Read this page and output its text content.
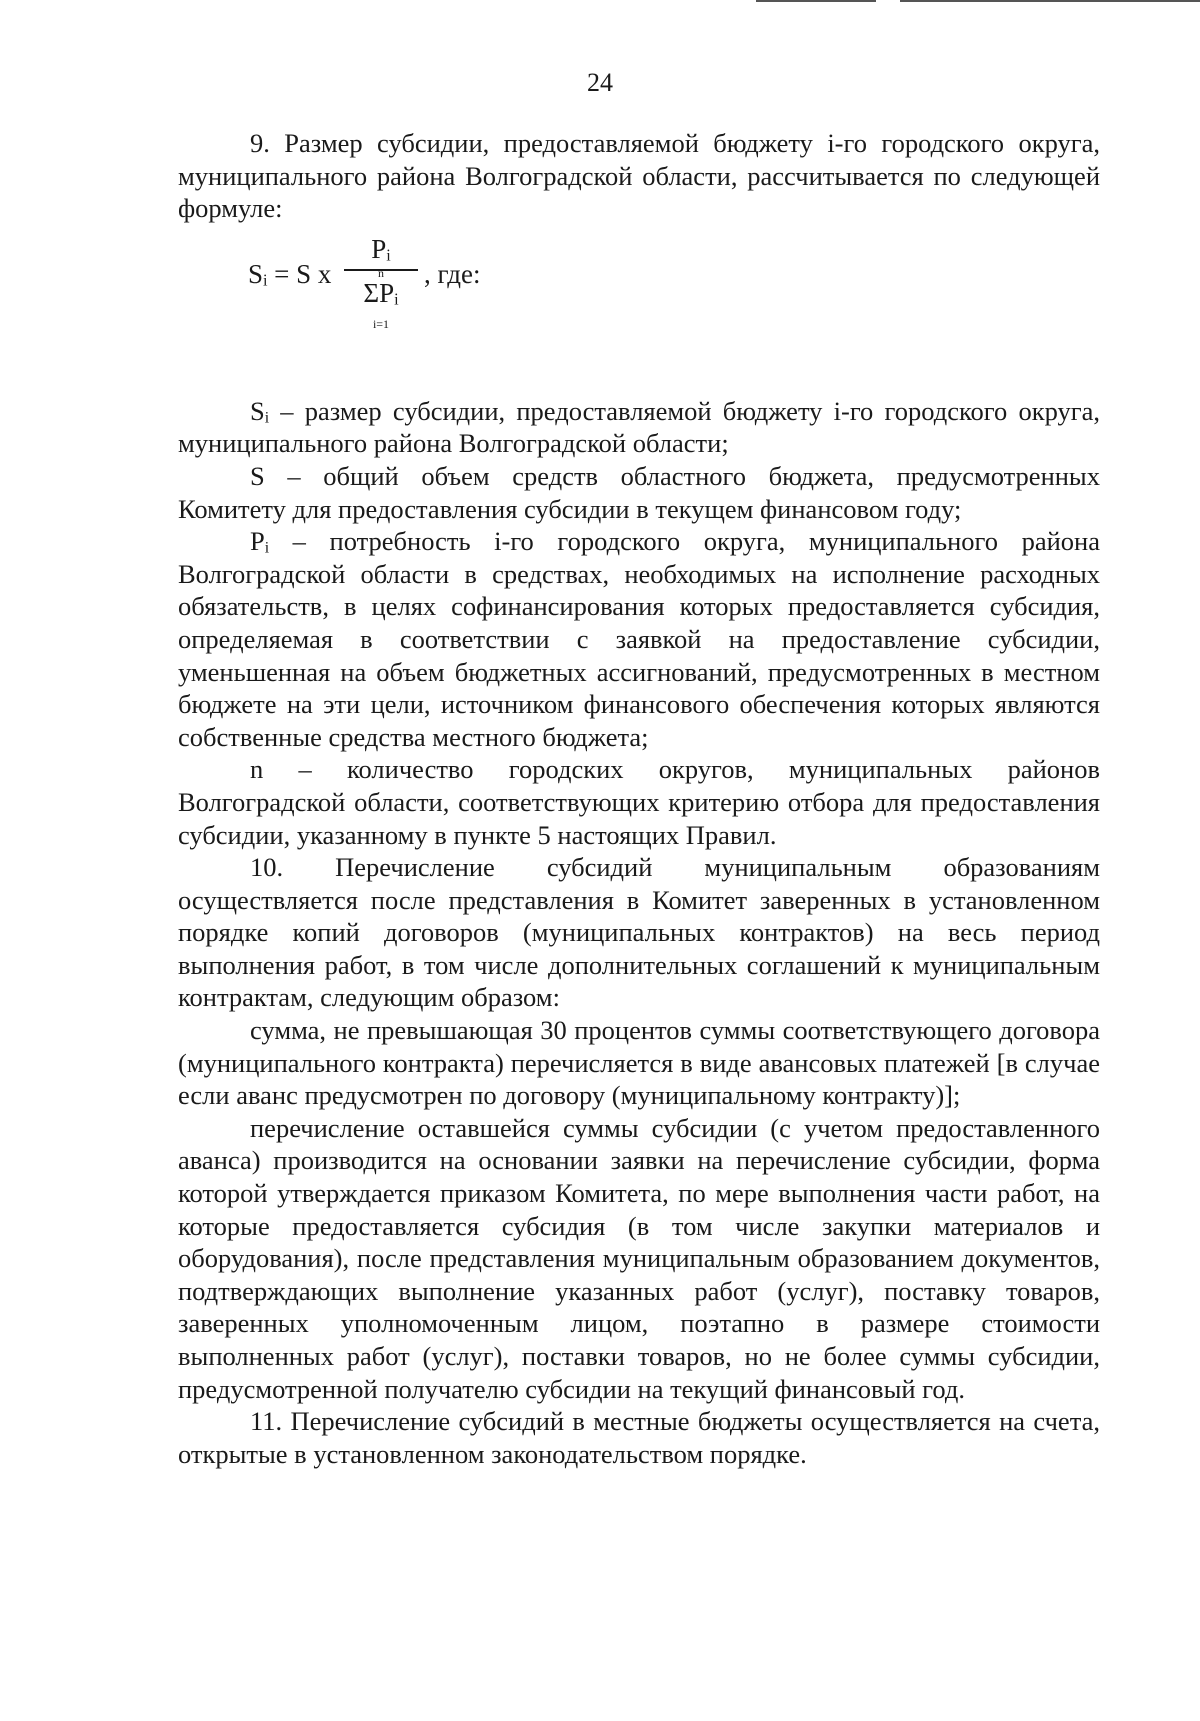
24

9. Размер субсидии, предоставляемой бюджету i-го городского округа, муниципального района Волгоградской области, рассчитывается по следующей формуле:

Sᵢ = S x
Pᵢ
n
ΣPᵢ
i=1
, где:

Sᵢ – размер субсидии, предоставляемой бюджету i-го городского округа, муниципального района Волгоградской области;

S – общий объем средств областного бюджета, предусмотренных Комитету для предоставления субсидии в текущем финансовом году;

Pᵢ – потребность i-го городского округа, муниципального района Волгоградской области в средствах, необходимых на исполнение расходных обязательств, в целях софинансирования которых предоставляется субсидия, определяемая в соответствии с заявкой на предоставление субсидии, уменьшенная на объем бюджетных ассигнований, предусмотренных в местном бюджете на эти цели, источником финансового обеспечения которых являются собственные средства местного бюджета;

n – количество городских округов, муниципальных районов Волгоградской области, соответствующих критерию отбора для предоставления субсидии, указанному в пункте 5 настоящих Правил.

10. Перечисление субсидий муниципальным образованиям осуществляется после представления в Комитет заверенных в установленном порядке копий договоров (муниципальных контрактов) на весь период выполнения работ, в том числе дополнительных соглашений к муниципальным контрактам, следующим образом:

сумма, не превышающая 30 процентов суммы соответствующего договора (муниципального контракта) перечисляется в виде авансовых платежей [в случае если аванс предусмотрен по договору (муниципальному контракту)];

перечисление оставшейся суммы субсидии (с учетом предоставленного аванса) производится на основании заявки на перечисление субсидии, форма которой утверждается приказом Комитета, по мере выполнения части работ, на которые предоставляется субсидия (в том числе закупки материалов и оборудования), после представления муниципальным образованием документов, подтверждающих выполнение указанных работ (услуг), поставку товаров, заверенных уполномоченным лицом, поэтапно в размере стоимости выполненных работ (услуг), поставки товаров, но не более суммы субсидии, предусмотренной получателю субсидии на текущий финансовый год.

11. Перечисление субсидий в местные бюджеты осуществляется на счета, открытые в установленном законодательством порядке.
